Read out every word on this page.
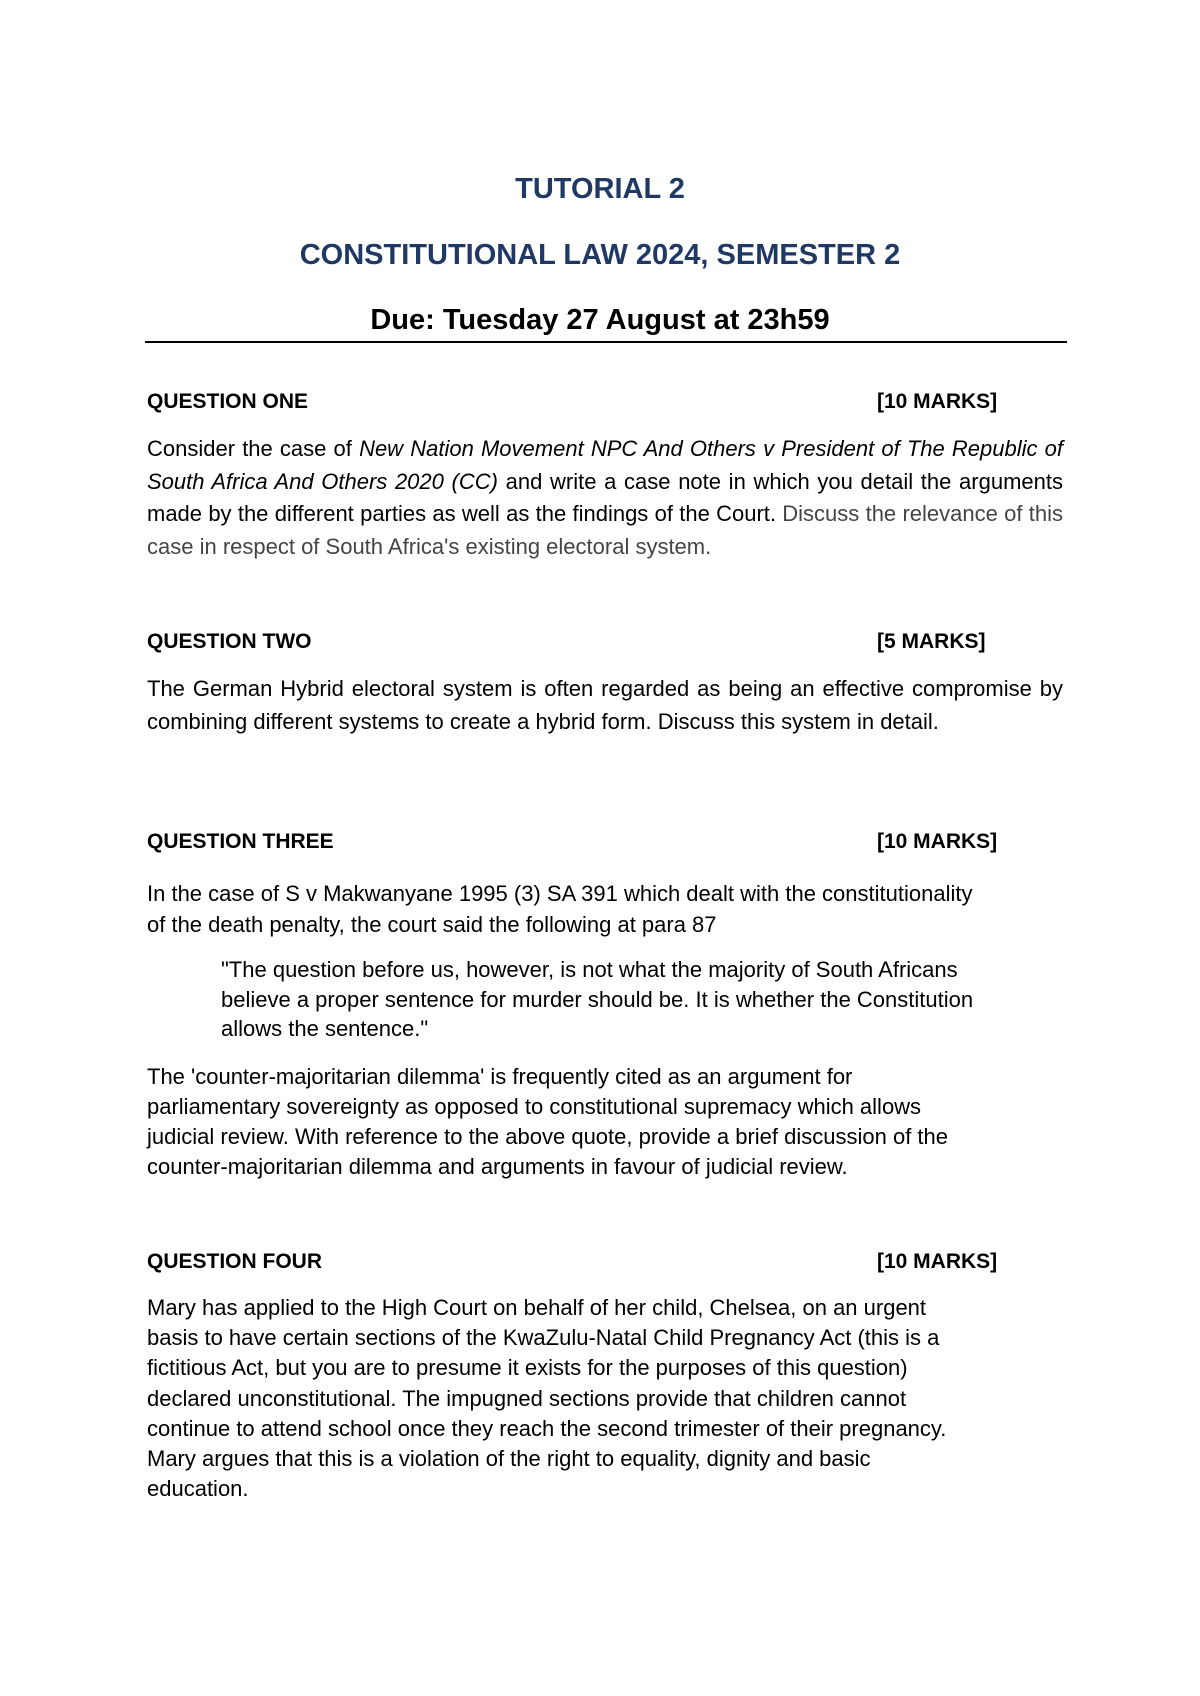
TUTORIAL 2
CONSTITUTIONAL LAW 2024, SEMESTER 2
Due: Tuesday 27 August at 23h59
QUESTION ONE	[10 MARKS]

Consider the case of New Nation Movement NPC And Others v President of The Republic of South Africa And Others 2020 (CC) and write a case note in which you detail the arguments made by the different parties as well as the findings of the Court. Discuss the relevance of this case in respect of South Africa's existing electoral system.

QUESTION TWO	[5 MARKS]

The German Hybrid electoral system is often regarded as being an effective compromise by combining different systems to create a hybrid form. Discuss this system in detail.

QUESTION THREE	[10 MARKS]
In the case of S v Makwanyane 1995 (3) SA 391 which dealt with the constitutionality
of the death penalty, the court said the following at para 87
"The question before us, however, is not what the majority of South Africans
believe a proper sentence for murder should be. It is whether the Constitution
allows the sentence."
The 'counter-majoritarian dilemma' is frequently cited as an argument for
parliamentary sovereignty as opposed to constitutional supremacy which allows
judicial review. With reference to the above quote, provide a brief discussion of the
counter-majoritarian dilemma and arguments in favour of judicial review.
QUESTION FOUR	[10 MARKS]
Mary has applied to the High Court on behalf of her child, Chelsea, on an urgent
basis to have certain sections of the KwaZulu-Natal Child Pregnancy Act (this is a
fictitious Act, but you are to presume it exists for the purposes of this question)
declared unconstitutional. The impugned sections provide that children cannot
continue to attend school once they reach the second trimester of their pregnancy.
Mary argues that this is a violation of the right to equality, dignity and basic
education.
